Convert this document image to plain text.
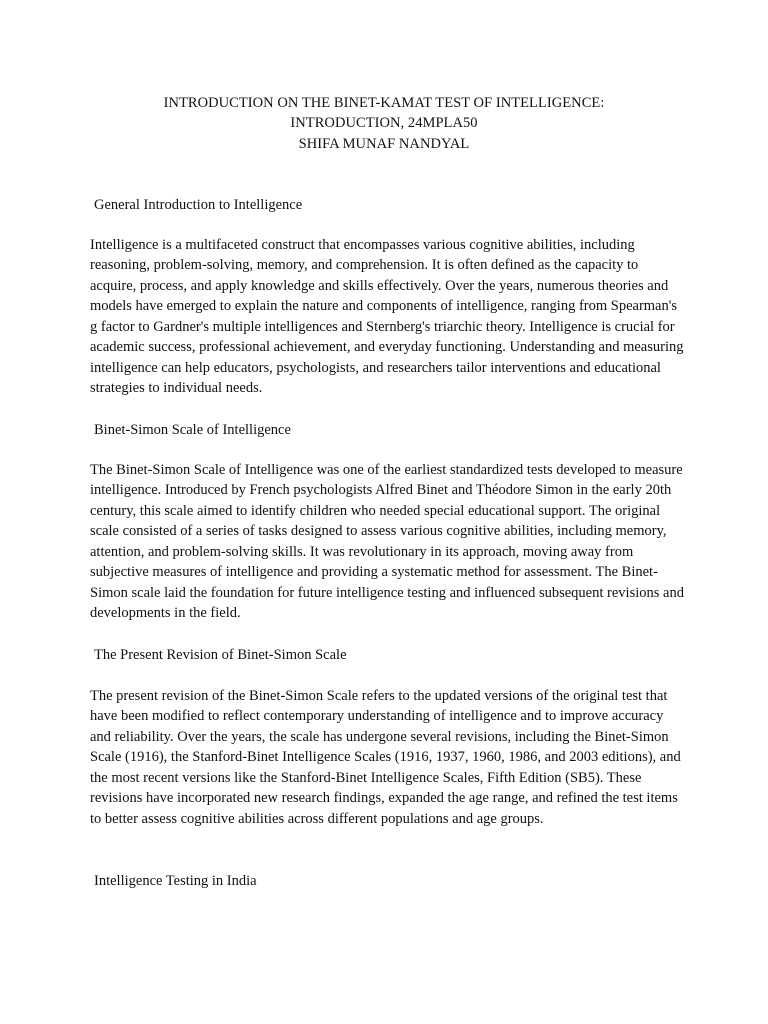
INTRODUCTION ON THE BINET-KAMAT TEST OF INTELLIGENCE:
INTRODUCTION, 24MPLA50
SHIFA MUNAF NANDYAL
General Introduction to Intelligence
Intelligence is a multifaceted construct that encompasses various cognitive abilities, including reasoning, problem-solving, memory, and comprehension. It is often defined as the capacity to acquire, process, and apply knowledge and skills effectively. Over the years, numerous theories and models have emerged to explain the nature and components of intelligence, ranging from Spearman's g factor to Gardner's multiple intelligences and Sternberg's triarchic theory. Intelligence is crucial for academic success, professional achievement, and everyday functioning. Understanding and measuring intelligence can help educators, psychologists, and researchers tailor interventions and educational strategies to individual needs.
Binet-Simon Scale of Intelligence
The Binet-Simon Scale of Intelligence was one of the earliest standardized tests developed to measure intelligence. Introduced by French psychologists Alfred Binet and Théodore Simon in the early 20th century, this scale aimed to identify children who needed special educational support. The original scale consisted of a series of tasks designed to assess various cognitive abilities, including memory, attention, and problem-solving skills. It was revolutionary in its approach, moving away from subjective measures of intelligence and providing a systematic method for assessment. The Binet-Simon scale laid the foundation for future intelligence testing and influenced subsequent revisions and developments in the field.
The Present Revision of Binet-Simon Scale
The present revision of the Binet-Simon Scale refers to the updated versions of the original test that have been modified to reflect contemporary understanding of intelligence and to improve accuracy and reliability. Over the years, the scale has undergone several revisions, including the Binet-Simon Scale (1916), the Stanford-Binet Intelligence Scales (1916, 1937, 1960, 1986, and 2003 editions), and the most recent versions like the Stanford-Binet Intelligence Scales, Fifth Edition (SB5). These revisions have incorporated new research findings, expanded the age range, and refined the test items to better assess cognitive abilities across different populations and age groups.
Intelligence Testing in India
